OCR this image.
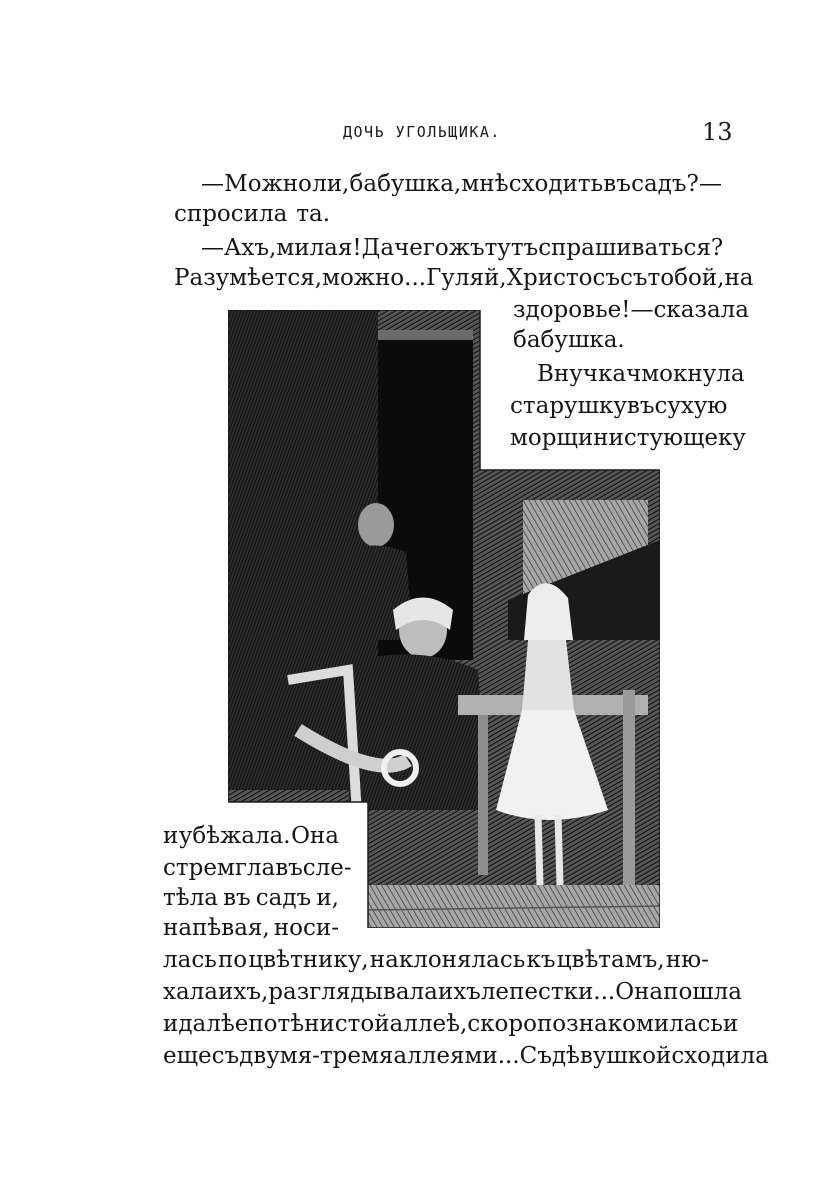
ДОЧЬ УГОЛЬЩИКА.	13
— Можно ли, бабушка, мнѣ сходить въ садъ? —
спросила та.
— Ахъ, милая! Да чего жъ тутъ спрашиваться?
Разумѣется, можно... Гуляй, Христосъ съ тобой, на
здоровье! — сказала
бабушка.
Внучка чмокнула
старушку въ сухую
морщинистую щеку
и убѣжала. Она
стремглавъ сле-
тѣла въ садъ и,
напѣвая, носи-
лась по цвѣтнику, наклонялась къ цвѣтамъ, ню-
хала ихъ, разглядывала ихъ лепестки... Она пошла
и далѣе по тѣнистой аллеѣ, скоро познакомилась и
еще съ двумя - тремя аллеями... Съ дѣвушкой сходила
